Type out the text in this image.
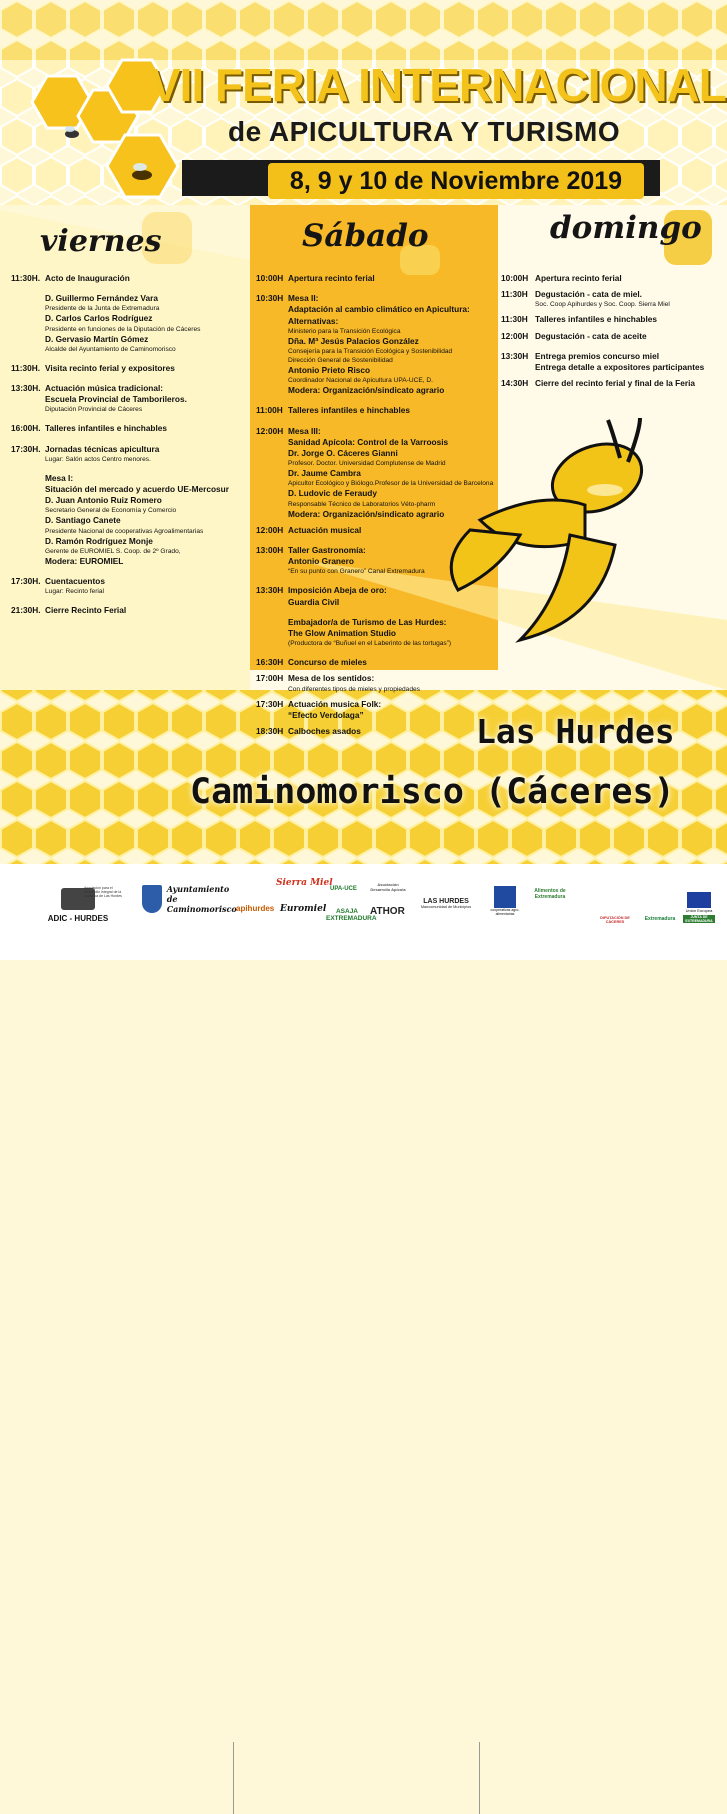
VII FERIA INTERNACIONAL
de APICULTURA Y TURISMO
8, 9 y 10 de Noviembre 2019
viernes	Sábado	domingo
11:30H. Acto de Inauguración
D. Guillermo Fernández Vara
Presidente de la Junta de Extremadura
D. Carlos Carlos Rodríguez
Presidente en funciones de la Diputación de Cáceres
D. Gervasio Martín Gómez
Alcalde del Ayuntamiento de Caminomorisco
11:30H. Visita recinto ferial y expositores
13:30H. Actuación música tradicional:
Escuela Provincial de Tamborileros.
Diputación Provincial de Cáceres
16:00H. Talleres infantiles e hinchables
17:30H. Jornadas técnicas apicultura
Lugar: Salón actos Centro menores.
Mesa I:
Situación del mercado y acuerdo UE-Mercosur
D. Juan Antonio Ruiz Romero
Secretario General de Economía y Comercio
D. Santiago Canete
Presidente Nacional de cooperativas Agroalimentarias
D. Ramón Rodríguez Monje
Gerente de EUROMIEL S. Coop. de 2º Grado,
Modera: EUROMIEL
17:30H. Cuentacuentos
Lugar: Recinto ferial
21:30H. Cierre Recinto Ferial
10:00H Apertura recinto ferial
10:30H Mesa II:
Adaptación al cambio climático en Apicultura:
Alternativas:
Ministerio para la Transición Ecológica
Dña. Mª Jesús Palacios González
Consejería para la Transición Ecológica y Sostenibilidad
Dirección General de Sostenibilidad
Antonio Prieto Risco
Coordinador Nacional de Apicultura UPA-UCE, D.
Modera: Organización/sindicato agrario
11:00H Talleres infantiles e hinchables
12:00H Mesa III:
Sanidad Apícola: Control de la Varroosis
Dr. Jorge O. Cáceres Gianni
Profesor. Doctor. Universidad Complutense de Madrid
Dr. Jaume Cambra
Apicultor Ecológico y Biólogo.Profesor de la Universidad de Barcelona
D. Ludovic de Feraudy
Responsable Técnico de Laboratorios Véto-pharm
Modera: Organización/sindicato agrario
12:00H Actuación musical
13:00H Taller Gastronomía:
Antonio Granero
“En su punto con Granero” Canal Extremadura
13:30H Imposición Abeja de oro:
Guardia Civil
Embajador/a de Turismo de Las Hurdes:
The Glow Animation Studio
(Productora de “Buñuel en el Laberinto de las tortugas”)
16:30H Concurso de mieles
17:00H Mesa de los sentidos:
Con diferentes tipos de mieles y propiedades
17:30H Actuación musica Folk:
“Efecto Verdolaga”
18:30H Calboches asados
10:00H Apertura recinto ferial
11:30H Degustación - cata de miel.
Soc. Coop Apihurdes y Soc. Coop. Sierra Miel
11:30H Talleres infantiles e hinchables
12:00H Degustación - cata de aceite
13:30H Entrega premios concurso miel
Entrega detalle a expositores participantes
14:30H Cierre del recinto ferial y final de la Feria
Las Hurdes
Caminomorisco (Cáceres)
ADIC - HURDES
Asociación para el Desarrollo Integral de la Comarca de Las Hurdes
Ayuntamiento de Caminomorisco apihurdes
Sierra Miel
Euromiel
UPA-UCE
ASAJA EXTREMADURA
Asociación Desarrollo Apícola
ATHOR
LAS HURDES
Mancomunidad de Municipios
cooperativas agro-alimentarias
Alimentos de Extremadura
DIPUTACIÓN DE CÁCERES	Extremadura
Unión Europea
JUNTA DE EXTREMADURA
